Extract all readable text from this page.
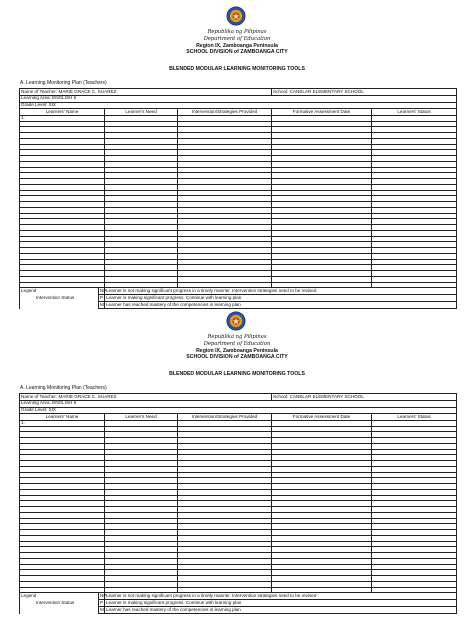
Republika ng Pilipinas
Department of Education
Region IX, Zamboanga Peninsula
SCHOOL DIVISION of ZAMBOANGA CITY
BLENDED MODULAR LEARNING MONITORING TOOLS
A. Learning Monitoring Plan (Teachers)
Name of Teacher: MARIE GRACE C. SUAREZ				School: CANELAR ELEMENTARY SCHOOL	
Learning Area: ENGLISH 6					
Grade Level: SIX					
Learners' Name		Learner's Need	Intervention/Strategies Provided	Formative Assessment Date	Learners' Status
1.					

Legend	NP	Learner is not making significant progress in a timely manner. Intervention strategies need to be revised			
Intervention Status	P	Learner is making significant progress. Continue with learning plan			
	M	Learner has reached mastery of the competencies in learning plan			
Republika ng Pilipinas
Department of Education
Region IX, Zamboanga Peninsula
SCHOOL DIVISION of ZAMBOANGA CITY
BLENDED MODULAR LEARNING MONITORING TOOLS
A. Learning Monitoring Plan (Teachers)
Name of Teacher: MARIE GRACE C. SUAREZ				School: CANELAR ELEMENTARY SCHOOL	
Learning Area: ENGLISH 6					
Grade Level: SIX					
Learners' Name		Learner's Need	Intervention/Strategies Provided	Formative Assessment Date	Learners' Status
1.					

Legend	NP	Learner is not making significant progress in a timely manner. Intervention strategies need to be revised			
Intervention Status	P	Learner is making significant progress. Continue with learning plan			
	M	Learner has reached mastery of the competencies in learning plan			
